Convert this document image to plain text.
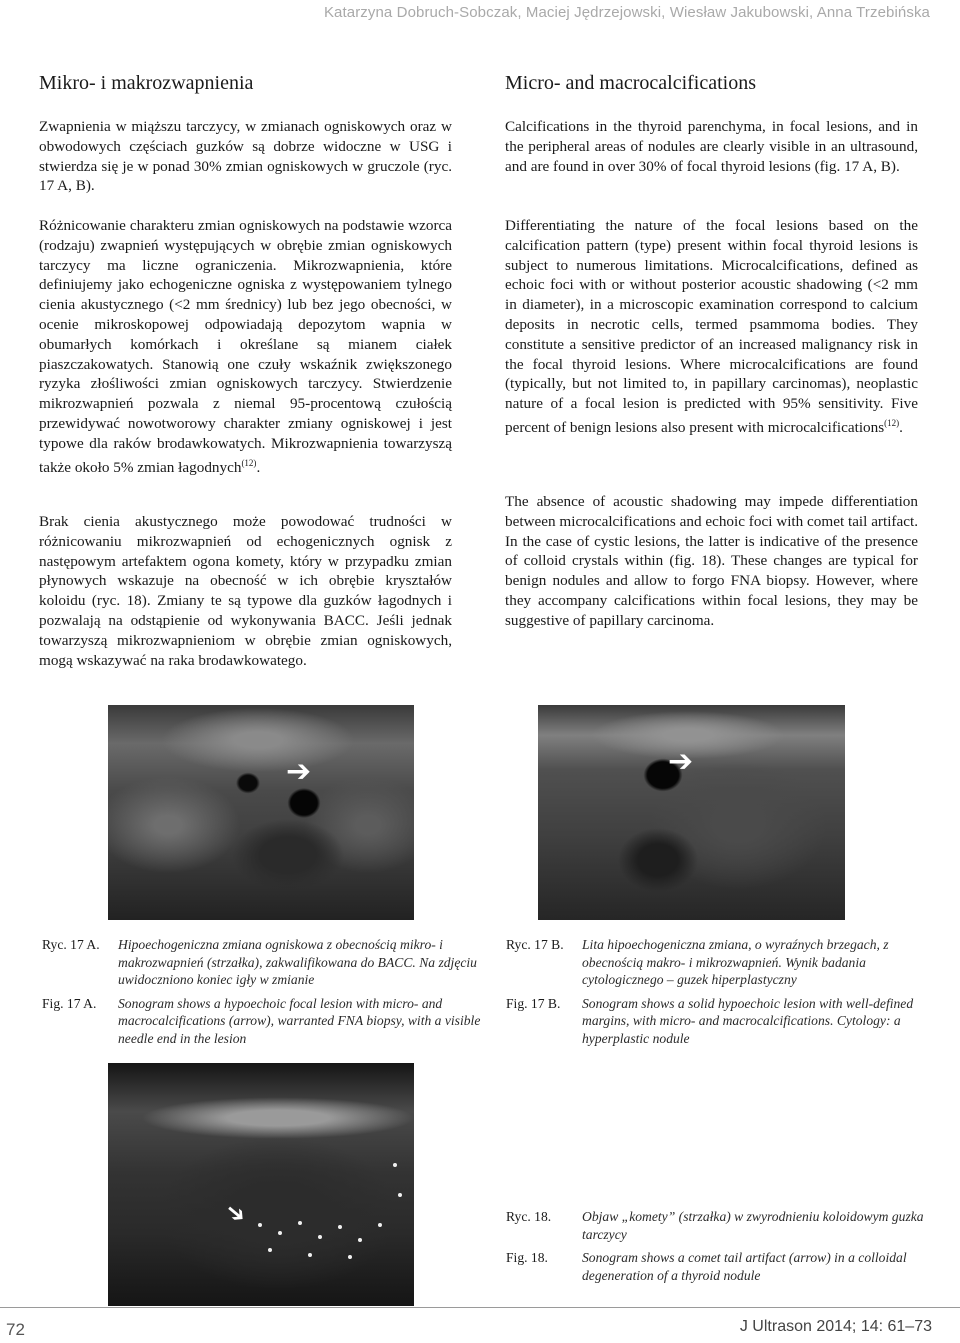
Katarzyna Dobruch-Sobczak, Maciej Jędrzejowski, Wiesław Jakubowski, Anna Trzebińska
Mikro- i makrozwapnienia

Zwapnienia w miąższu tarczycy, w zmianach ogniskowych oraz w obwodowych częściach guzków są dobrze widoczne w USG i stwierdza się je w ponad 30% zmian ogniskowych w gruczole (ryc. 17 A, B).

Różnicowanie charakteru zmian ogniskowych na podstawie wzorca (rodzaju) zwapnień występujących w obrębie zmian ogniskowych tarczycy ma liczne ograniczenia. Mikrozwapnienia, które definiujemy jako echogeniczne ogniska z występowaniem tylnego cienia akustycznego (<2 mm średnicy) lub bez jego obecności, w ocenie mikroskopowej odpowiadają depozytom wapnia w obumarłych komórkach i określane są mianem ciałek piaszczakowatych. Stanowią one czuły wskaźnik zwiększonego ryzyka złośliwości zmian ogniskowych tarczycy. Stwierdzenie mikrozwapnień pozwala z niemal 95-procentową czułością przewidywać nowotworowy charakter zmiany ogniskowej i jest typowe dla raków brodawkowatych. Mikrozwapnienia towarzyszą także około 5% zmian łagodnych$^{(12)}$.

Brak cienia akustycznego może powodować trudności w różnicowaniu mikrozwapnień od echogenicznych ognisk z następowym artefaktem ogona komety, który w przypadku zmian płynowych wskazuje na obecność w ich obrębie kryształów koloidu (ryc. 18). Zmiany te są typowe dla guzków łagodnych i pozwalają na odstąpienie od wykonywania BACC. Jeśli jednak towarzyszą mikrozwapnieniom w obrębie zmian ogniskowych, mogą wskazywać na raka brodawkowatego.

Micro- and macrocalcifications

Calcifications in the thyroid parenchyma, in focal lesions, and in the peripheral areas of nodules are clearly visible in an ultrasound, and are found in over 30% of focal thyroid lesions (fig. 17 A, B).

Differentiating the nature of the focal lesions based on the calcification pattern (type) present within focal thyroid lesions is subject to numerous limitations. Microcalcifications, defined as echoic foci with or without posterior acoustic shadowing (<2 mm in diameter), in a microscopic examination correspond to calcium deposits in necrotic cells, termed psammoma bodies. They constitute a sensitive predictor of an increased malignancy risk in the focal thyroid lesions. Where microcalcifications are found (typically, but not limited to, in papillary carcinomas), neoplastic nature of a focal lesion is predicted with 95% sensitivity. Five percent of benign lesions also present with microcalcifications$^{(12)}$.

The absence of acoustic shadowing may impede differentiation between microcalcifications and echoic foci with comet tail artifact. In the case of cystic lesions, the latter is indicative of the presence of colloid crystals within (fig. 18). These changes are typical for benign nodules and allow to forgo FNA biopsy. However, where they accompany calcifications within focal lesions, they may be suggestive of papillary carcinoma.

➔	➔
Ryc. 17 A. Hipoechogeniczna zmiana ogniskowa z obecnością mikro- i makrozwapnień (strzałka), zakwalifikowana do BACC. Na zdjęciu uwidoczniono koniec igły w zmianie
Fig. 17 A. Sonogram shows a hypoechoic focal lesion with micro- and macrocalcifications (arrow), warranted FNA biopsy, with a visible needle end in the lesion
Ryc. 17 B. Lita hipoechogeniczna zmiana, o wyraźnych brzegach, z obecnością makro- i mikrozwapnień. Wynik badania cytologicznego – guzek hiperplastyczny
Fig. 17 B. Sonogram shows a solid hypoechoic lesion with well-defined margins, with micro- and macrocalcifications. Cytology: a hyperplastic nodule
➔	Ryc. 18. Objaw „komety” (strzałka) w zwyrodnieniu koloidowym guzka tarczycy
Fig. 18.	Sonogram shows a comet tail artifact (arrow) in a colloidal degeneration of a thyroid nodule
72	J Ultrason 2014; 14: 61–73
